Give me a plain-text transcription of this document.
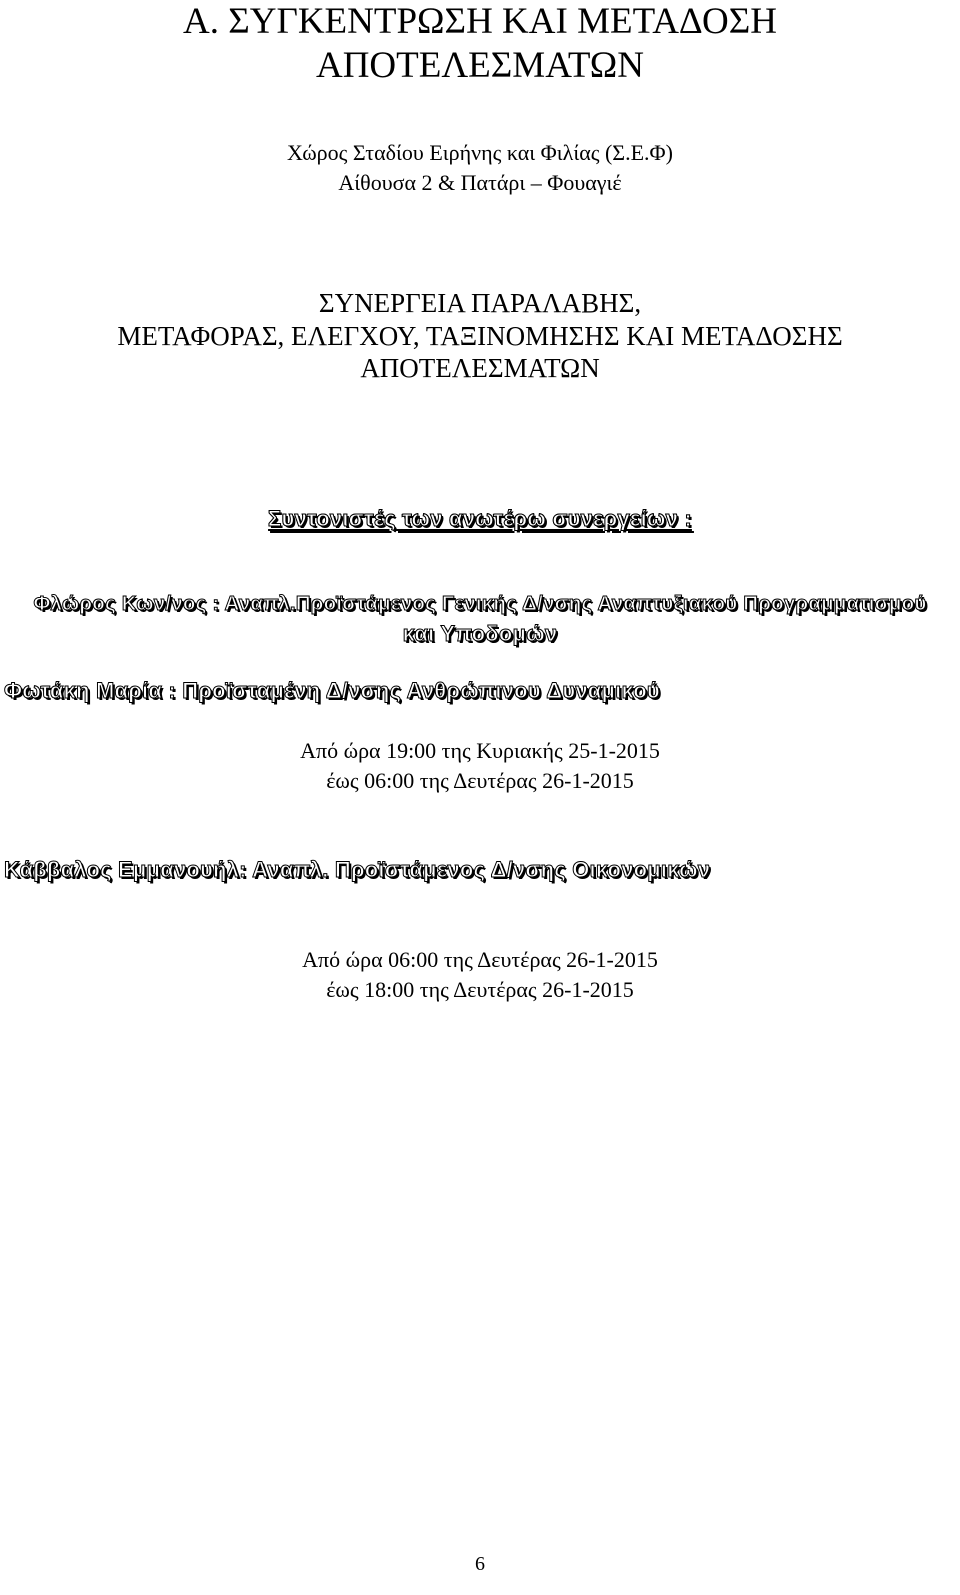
Α. ΣΥΓΚΕΝΤΡΩΣΗ ΚΑΙ ΜΕΤΑΔΟΣΗ
ΑΠΟΤΕΛΕΣΜΑΤΩΝ
Χώρος Σταδίου Ειρήνης και Φιλίας (Σ.Ε.Φ)
Αίθουσα 2 & Πατάρι – Φουαγιέ
ΣΥΝΕΡΓΕΙΑ ΠΑΡΑΛΑΒΗΣ,
ΜΕΤΑΦΟΡΑΣ, ΕΛΕΓΧΟΥ, ΤΑΞΙΝΟΜΗΣΗΣ ΚΑΙ ΜΕΤΑΔΟΣΗΣ
ΑΠΟΤΕΛΕΣΜΑΤΩΝ
Συντονιστές των ανωτέρω συνεργείων :
Φλώρος Κων/νος : Αναπλ.Προϊστάμενος Γενικής Δ/νσης Αναπτυξιακού Προγραμματισμού
και Υποδομών
Φωτάκη Μαρία : Προϊσταμένη Δ/νσης Ανθρώπινου Δυναμικού
Από ώρα 19:00 της Κυριακής 25-1-2015
έως 06:00 της Δευτέρας 26-1-2015
Κάββαλος Εμμανουήλ: Αναπλ. Προϊστάμενος Δ/νσης Οικονομικών
Από ώρα 06:00 της Δευτέρας 26-1-2015
έως 18:00 της Δευτέρας 26-1-2015
6
